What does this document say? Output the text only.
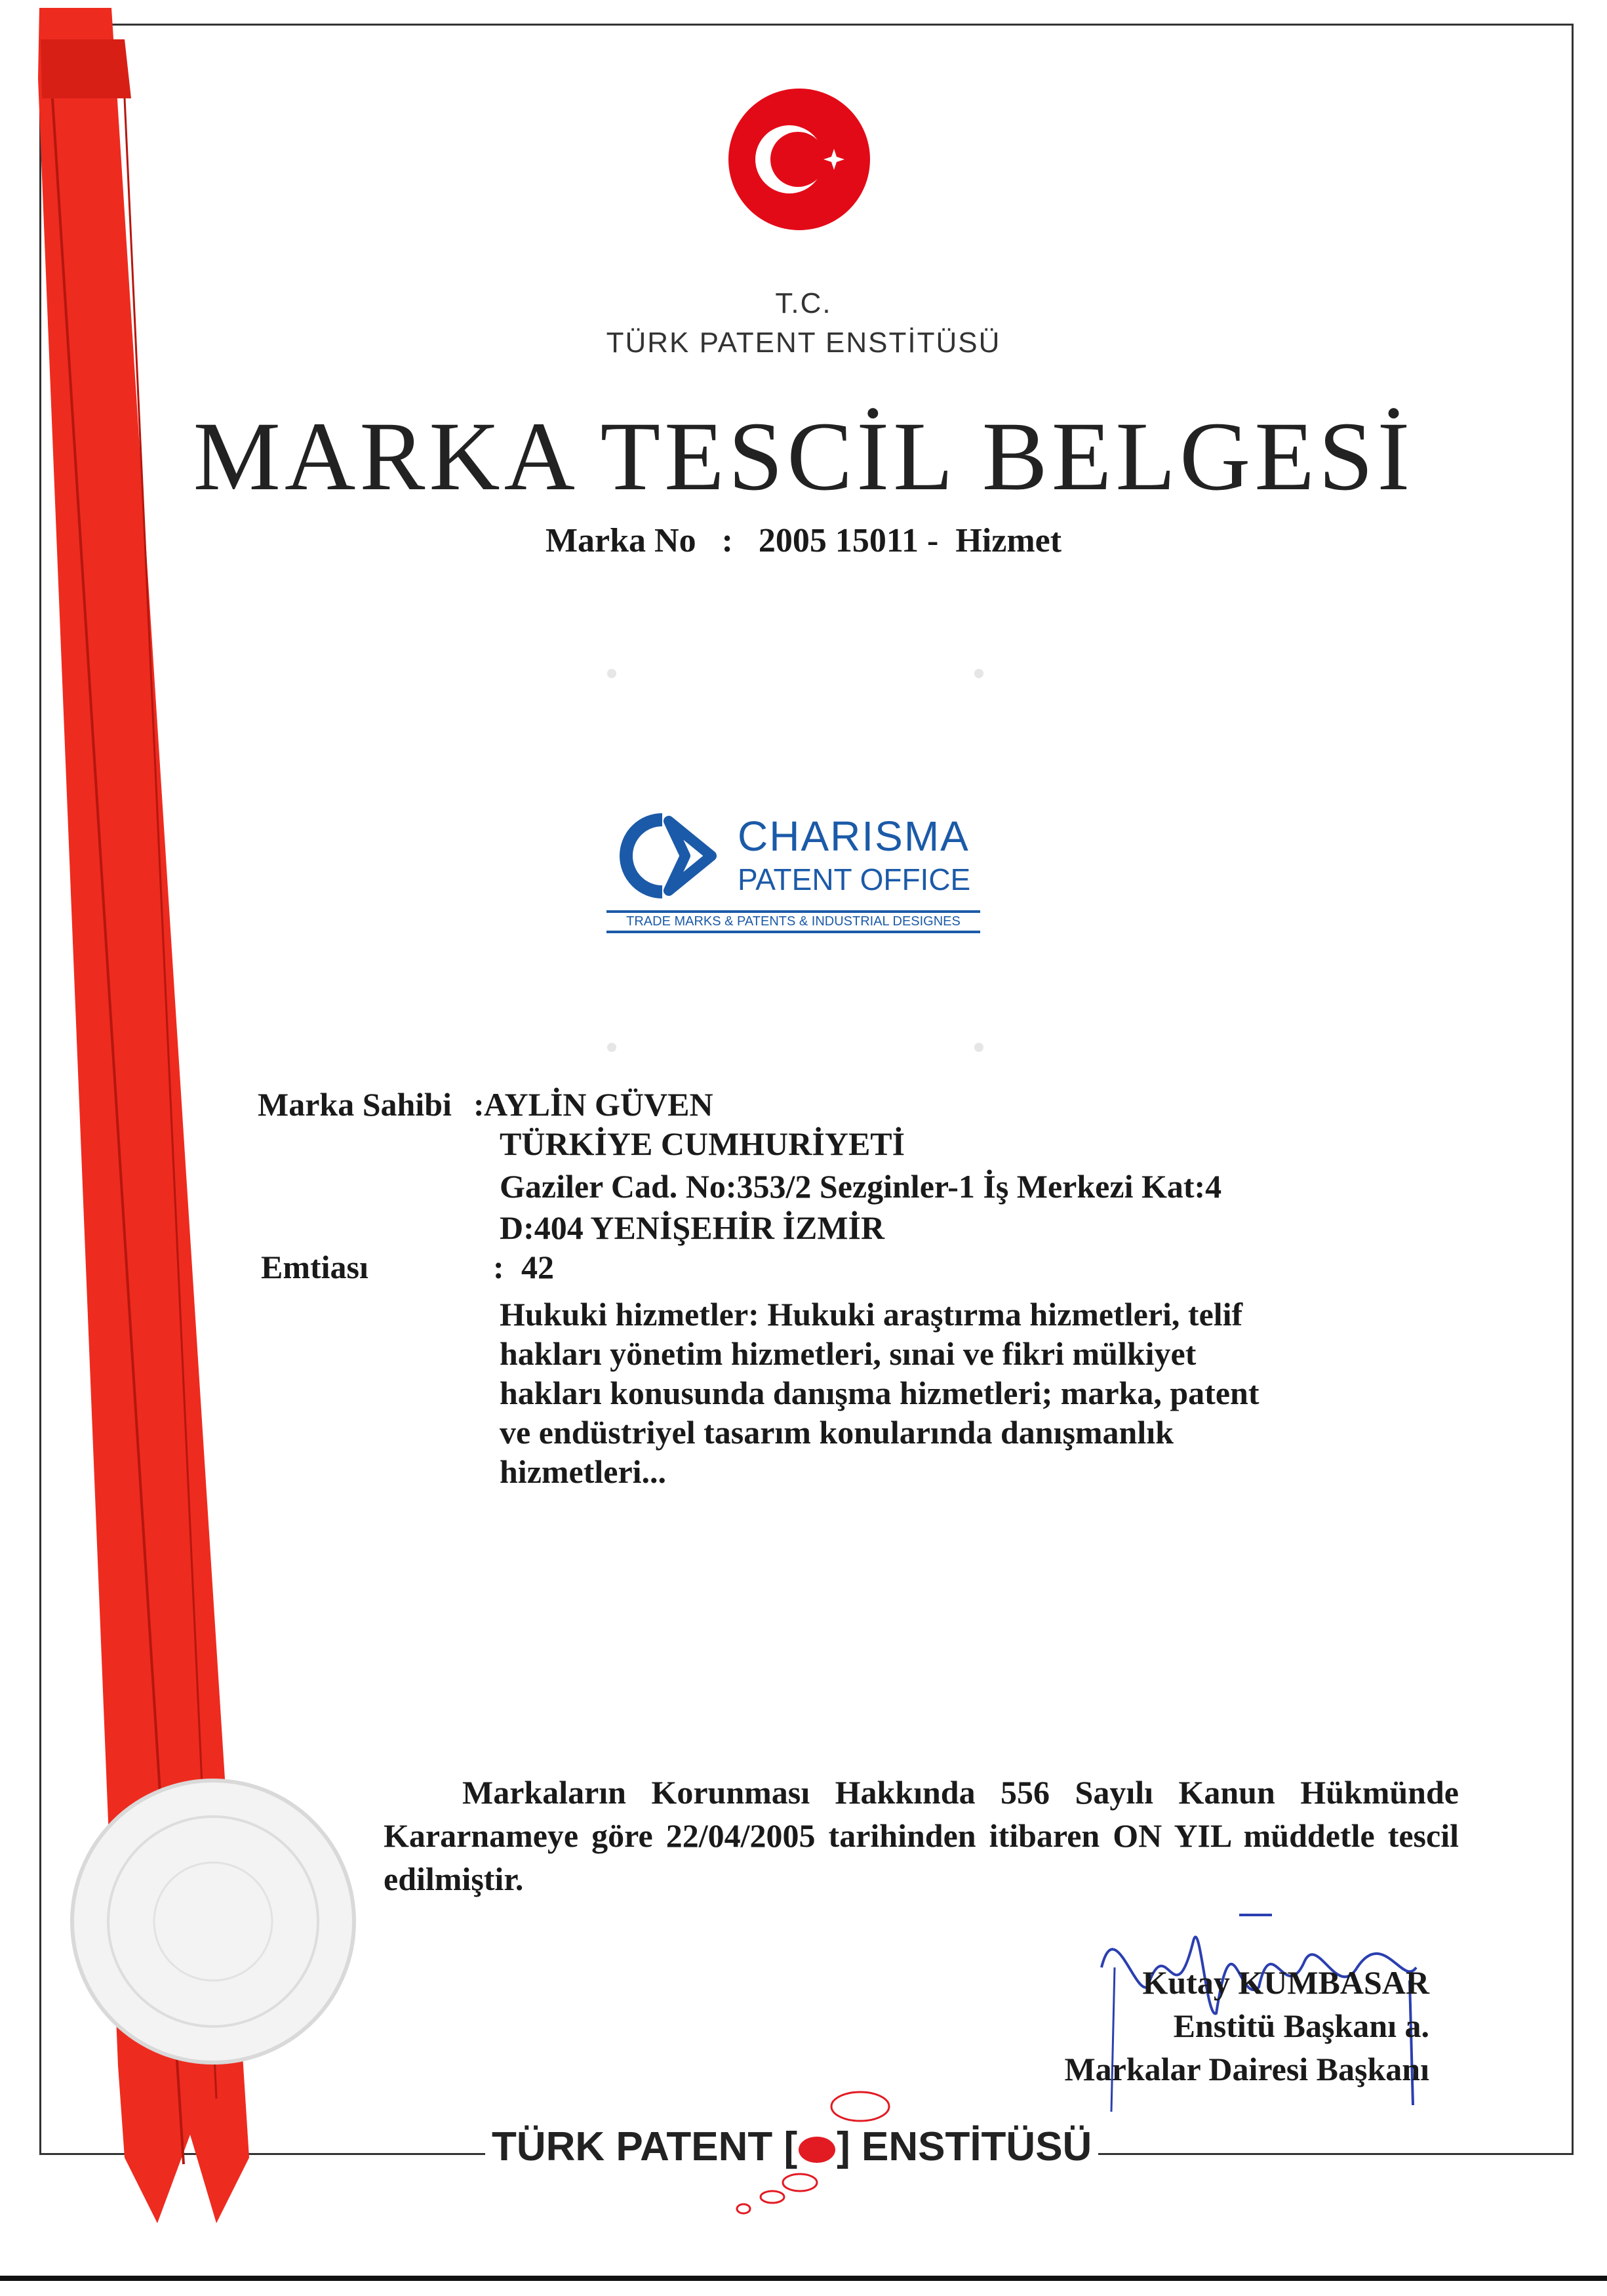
T.C.
TÜRK PATENT ENSTİTÜSÜ
MARKA TESCİL BELGESİ
Marka No   :   2005 15011 -  Hizmet
CHARISMA
PATENT OFFICE
TRADE MARKS & PATENTS & INDUSTRIAL DESIGNES
Marka Sahibi : AYLİN GÜVEN
TÜRKİYE CUMHURİYETİ
Gaziler Cad. No:353/2 Sezginler-1 İş Merkezi Kat:4
D:404 YENİŞEHİR İZMİR
Emtiası	: 42
Hukuki hizmetler: Hukuki araştırma hizmetleri, telif
hakları yönetim hizmetleri, sınai ve fikri mülkiyet
hakları konusunda danışma hizmetleri; marka, patent
ve endüstriyel tasarım konularında danışmanlık
hizmetleri...
Markaların Korunması Hakkında 556 Sayılı Kanun Hükmünde Kararnameye göre 22/04/2005 tarihinden itibaren ON YIL müddetle tescil edilmiştir.
Kutay KUMBASAR
Enstitü Başkanı a.
Markalar Dairesi Başkanı
TÜRK PATENT [ ] ENSTİTÜSÜ
